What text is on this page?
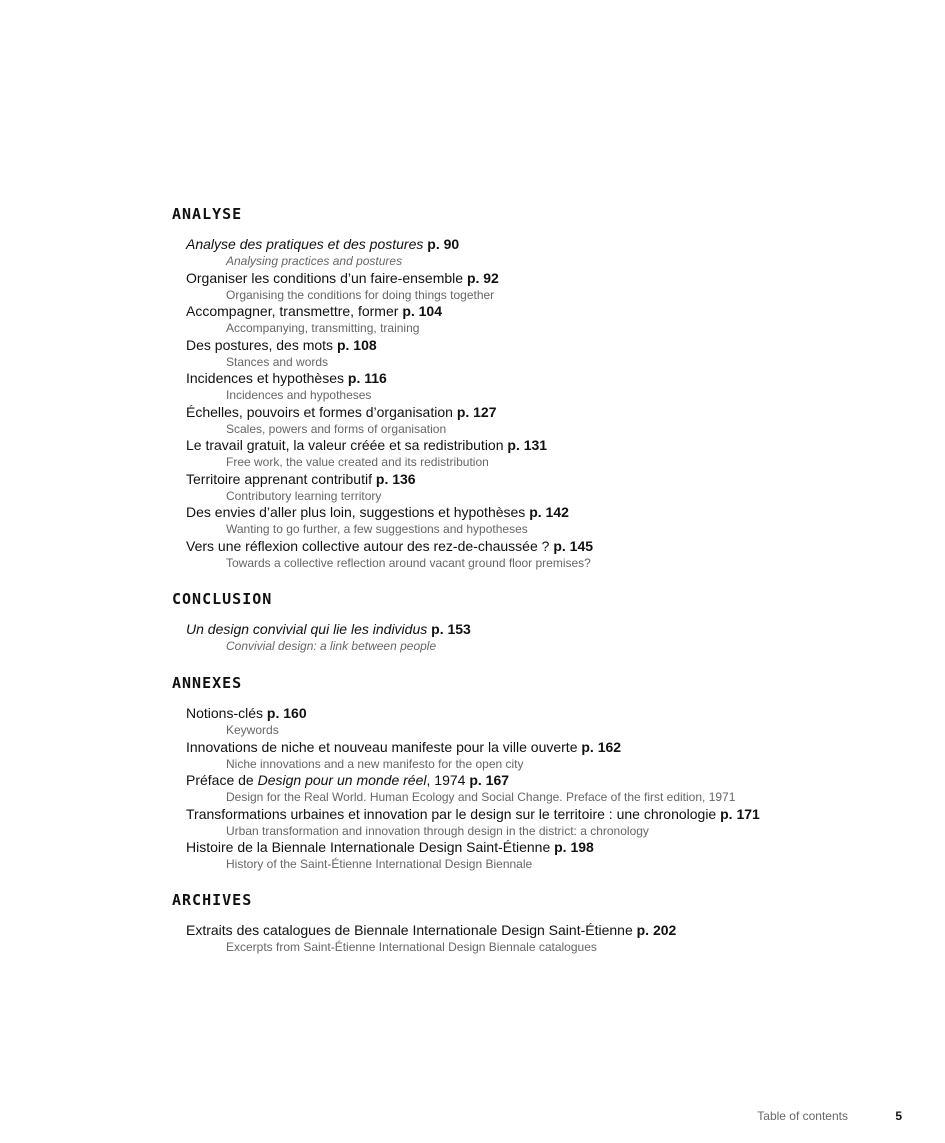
ANALYSE
Analyse des pratiques et des postures p. 90
Analysing practices and postures
Organiser les conditions d’un faire-ensemble p. 92
Organising the conditions for doing things together
Accompagner, transmettre, former p. 104
Accompanying, transmitting, training
Des postures, des mots p. 108
Stances and words
Incidences et hypothèses p. 116
Incidences and hypotheses
Échelles, pouvoirs et formes d’organisation p. 127
Scales, powers and forms of organisation
Le travail gratuit, la valeur créée et sa redistribution p. 131
Free work, the value created and its redistribution
Territoire apprenant contributif p. 136
Contributory learning territory
Des envies d’aller plus loin, suggestions et hypothèses p. 142
Wanting to go further, a few suggestions and hypotheses
Vers une réflexion collective autour des rez-de-chaussée ? p. 145
Towards a collective reflection around vacant ground floor premises?
CONCLUSION
Un design convivial qui lie les individus p. 153
Convivial design: a link between people
ANNEXES
Notions-clés p. 160
Keywords
Innovations de niche et nouveau manifeste pour la ville ouverte p. 162
Niche innovations and a new manifesto for the open city
Préface de Design pour un monde réel, 1974 p. 167
Design for the Real World. Human Ecology and Social Change. Preface of the first edition, 1971
Transformations urbaines et innovation par le design sur le territoire : une chronologie p. 171
Urban transformation and innovation through design in the district: a chronology
Histoire de la Biennale Internationale Design Saint-Étienne p. 198
History of the Saint-Étienne International Design Biennale
ARCHIVES
Extraits des catalogues de Biennale Internationale Design Saint-Étienne p. 202
Excerpts from Saint-Étienne International Design Biennale catalogues
Table of contents	5
